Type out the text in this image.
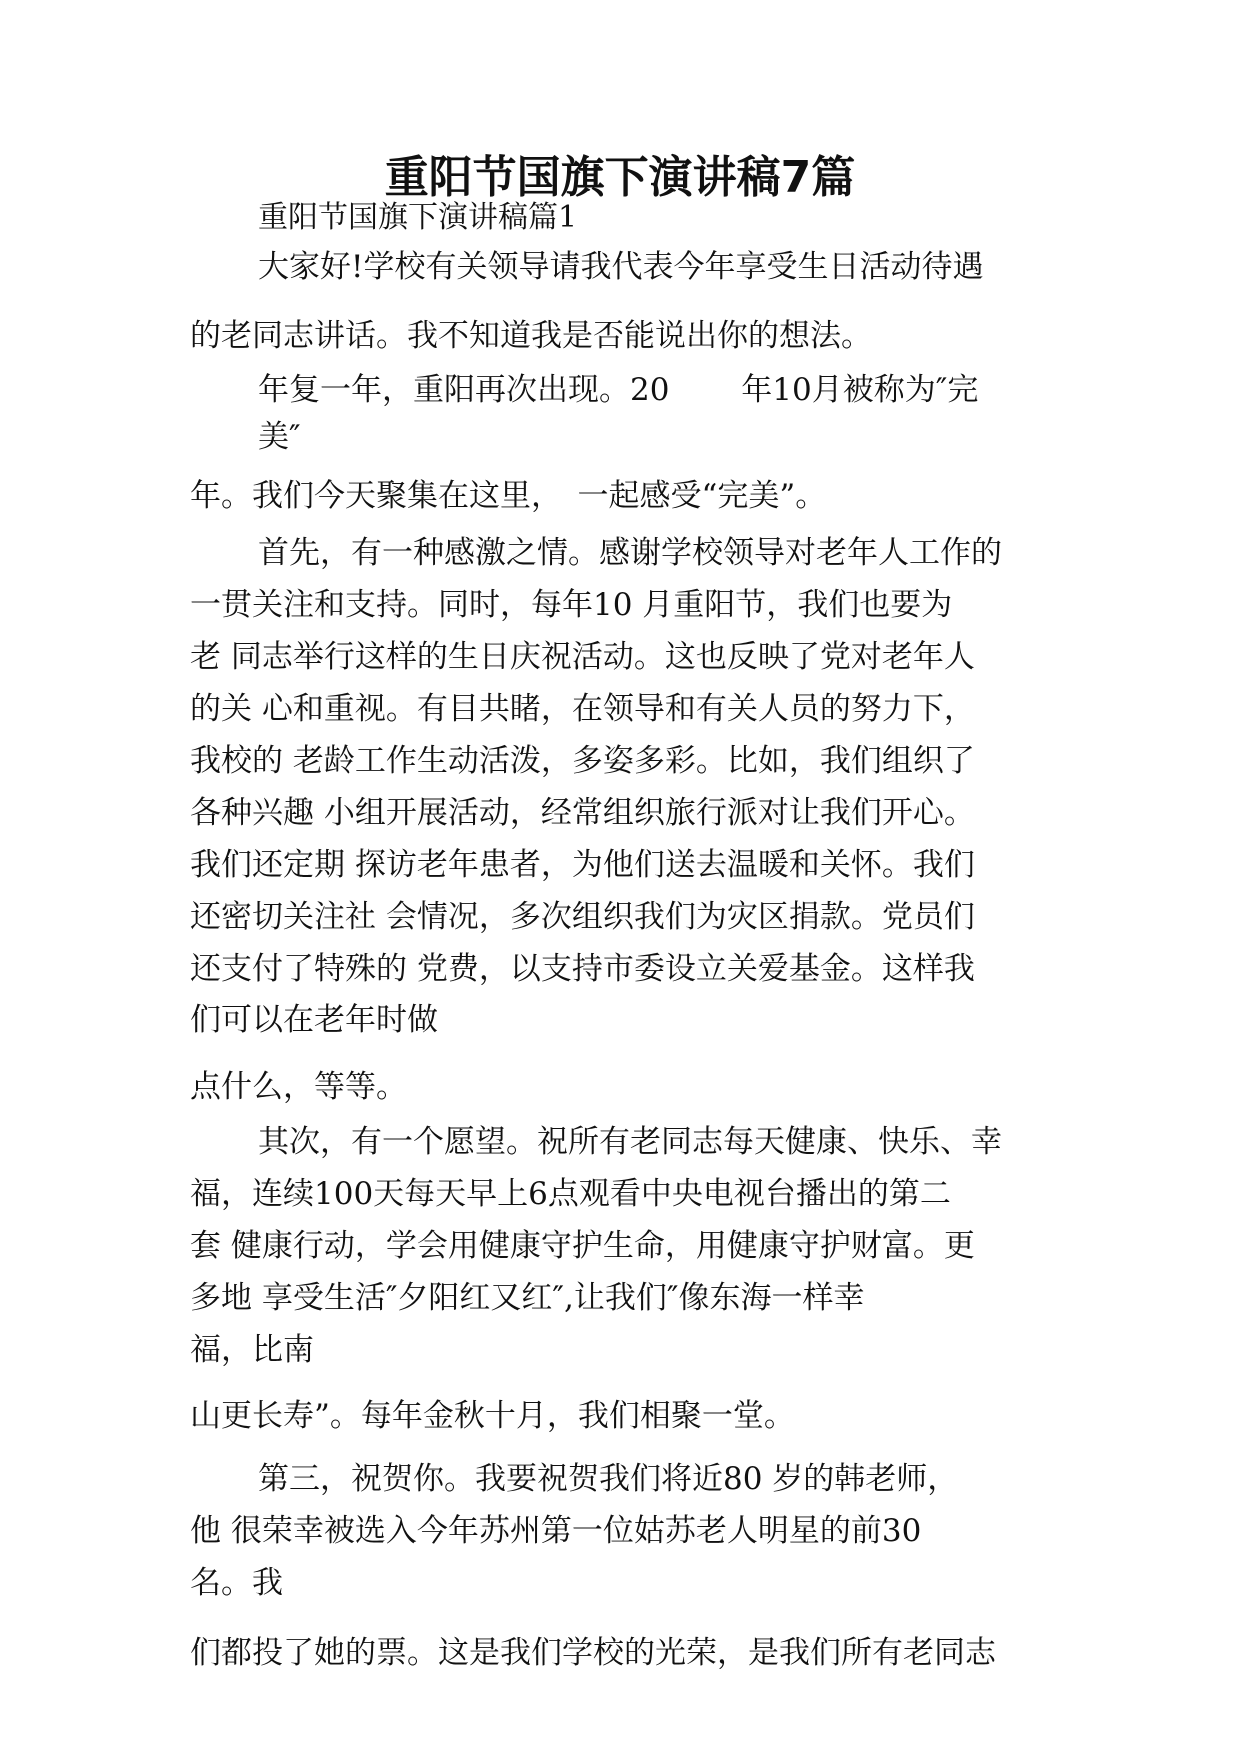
重阳节国旗下演讲稿7篇

重阳节国旗下演讲稿篇1

大家好!学校有关领导请我代表今年享受生日活动待遇

的老同志讲话。我不知道我是否能说出你的想法。

年复一年，重阳再次出现。20　　 年10月被称为″完

美″

年。我们今天聚集在这里，　一起感受“完美”。

首先，有一种感激之情。感谢学校领导对老年人工作的

一贯关注和支持。同时，每年10 月重阳节，我们也要为

老 同志举行这样的生日庆祝活动。这也反映了党对老年人

的关 心和重视。有目共睹，在领导和有关人员的努力下，

我校的 老龄工作生动活泼，多姿多彩。比如，我们组织了

各种兴趣 小组开展活动，经常组织旅行派对让我们开心。

我们还定期 探访老年患者，为他们送去温暖和关怀。我们

还密切关注社 会情况，多次组织我们为灾区捐款。党员们

还支付了特殊的 党费，以支持市委设立关爱基金。这样我

们可以在老年时做

点什么，等等。

其次，有一个愿望。祝所有老同志每天健康、快乐、幸

福，连续100天每天早上6点观看中央电视台播出的第二

套 健康行动，学会用健康守护生命，用健康守护财富。更

多地 享受生活″夕阳红又红″,让我们″像东海一样幸

福，比南

山更长寿”。每年金秋十月，我们相聚一堂。

第三，祝贺你。我要祝贺我们将近80 岁的韩老师，

他 很荣幸被选入今年苏州第一位姑苏老人明星的前30

名。我

们都投了她的票。这是我们学校的光荣，是我们所有老同志
